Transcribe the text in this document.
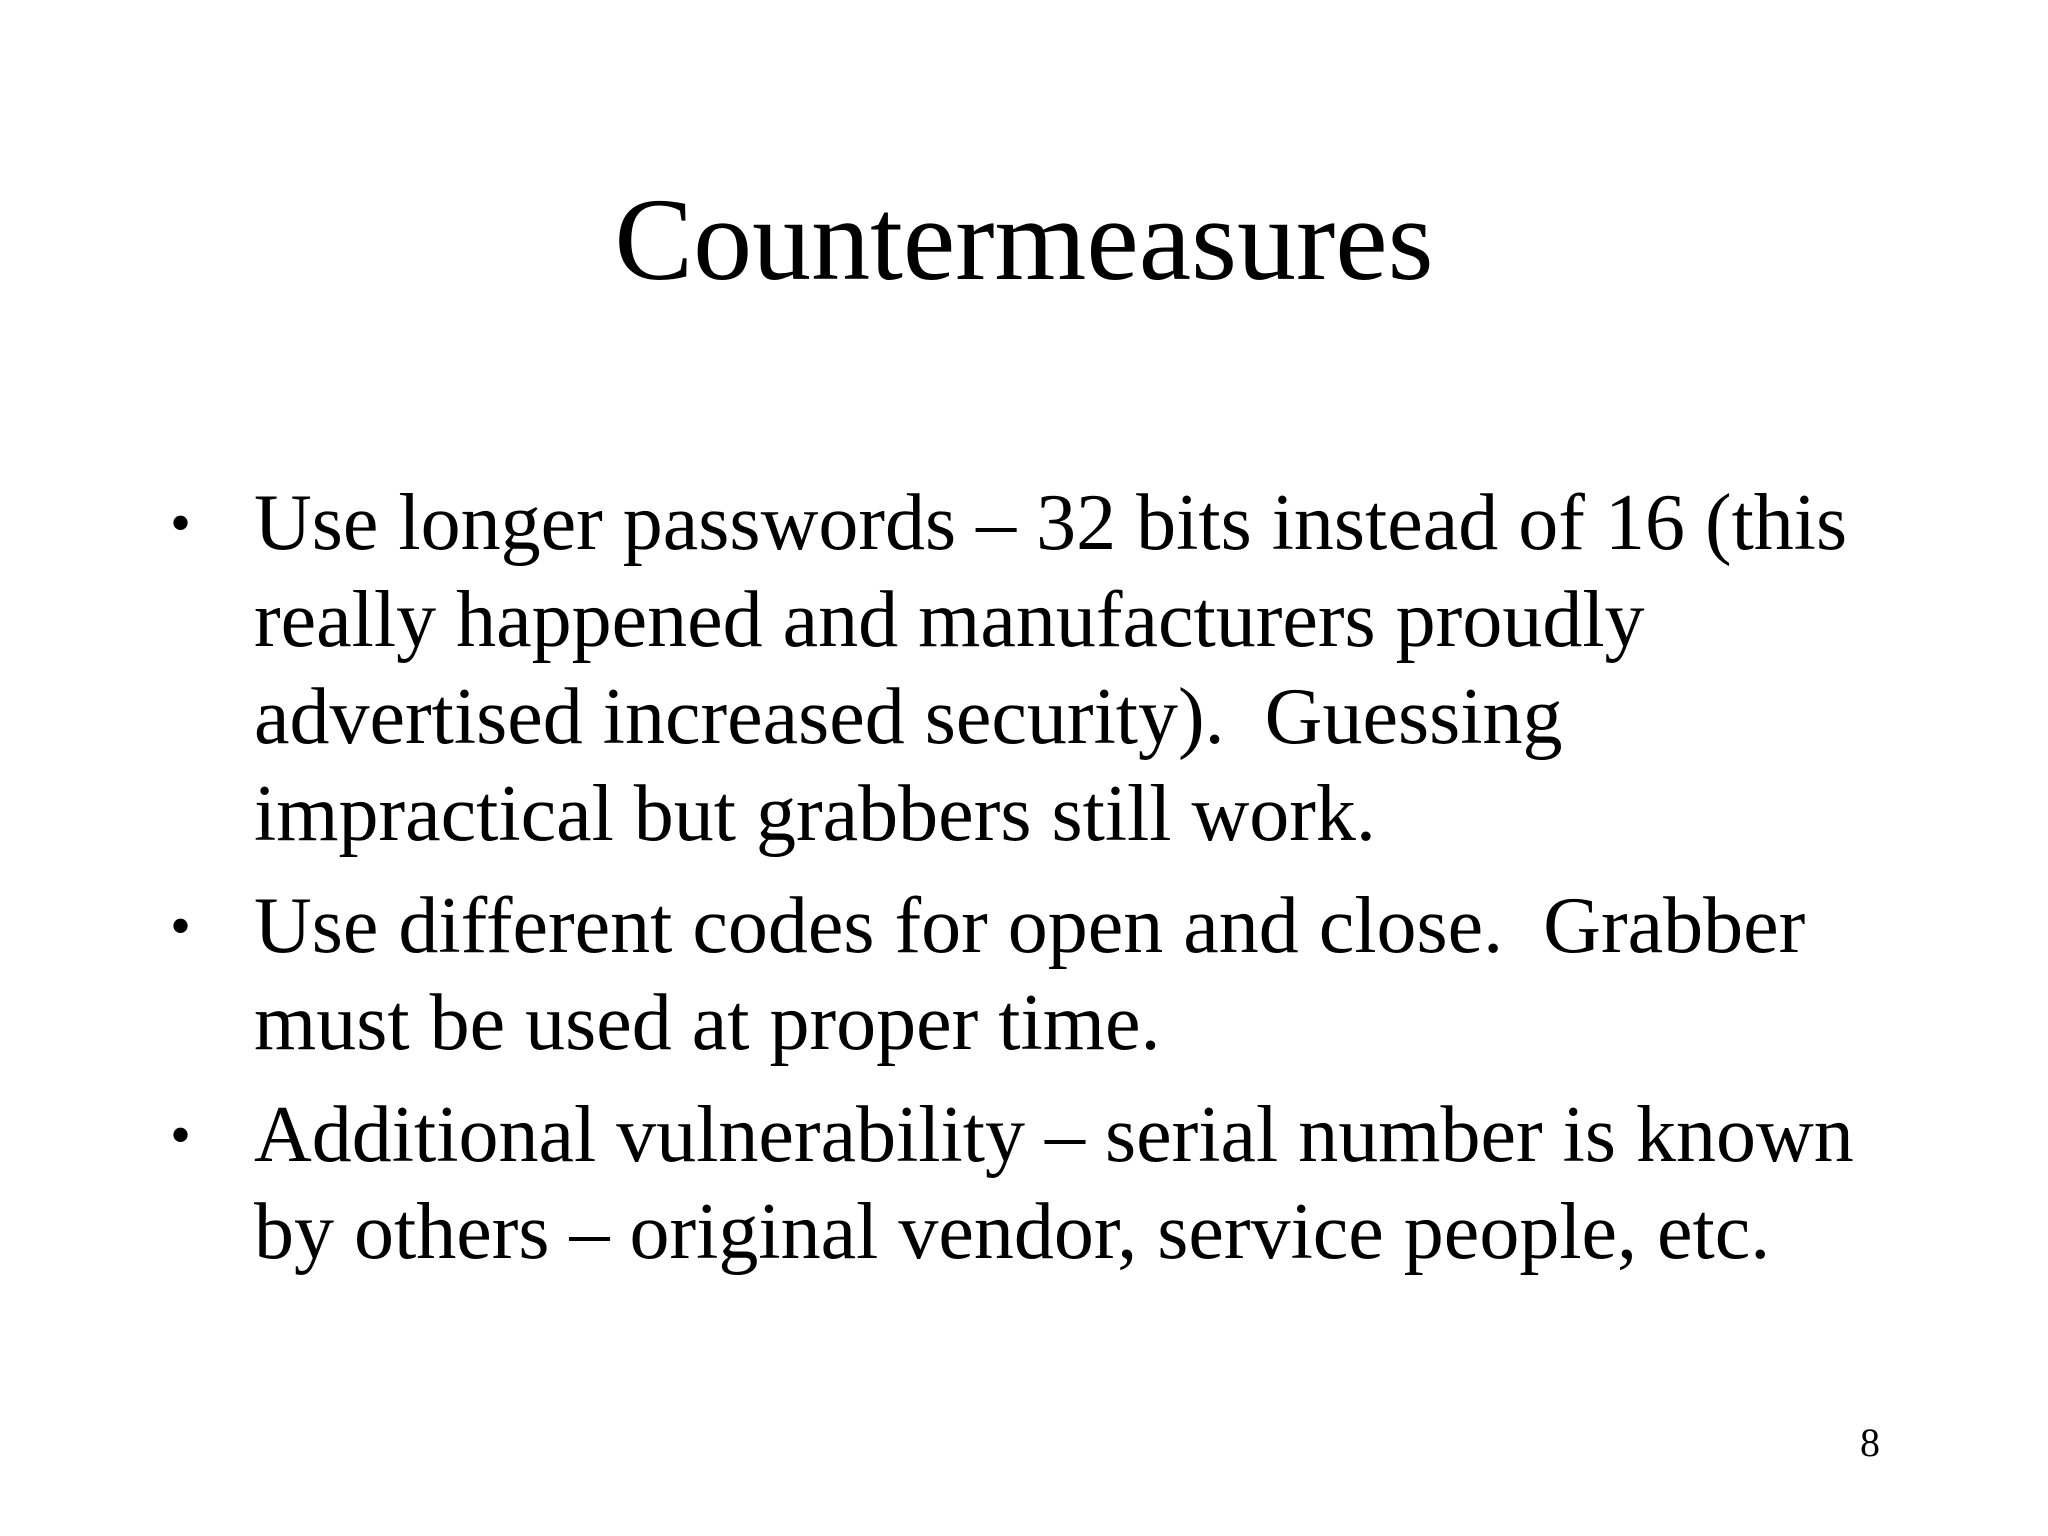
Countermeasures
• Use longer passwords – 32 bits instead of 16 (this really happened and manufacturers proudly advertised increased security).  Guessing impractical but grabbers still work.
• Use different codes for open and close.  Grabber must be used at proper time.
• Additional vulnerability – serial number is known by others – original vendor, service people, etc.
8
